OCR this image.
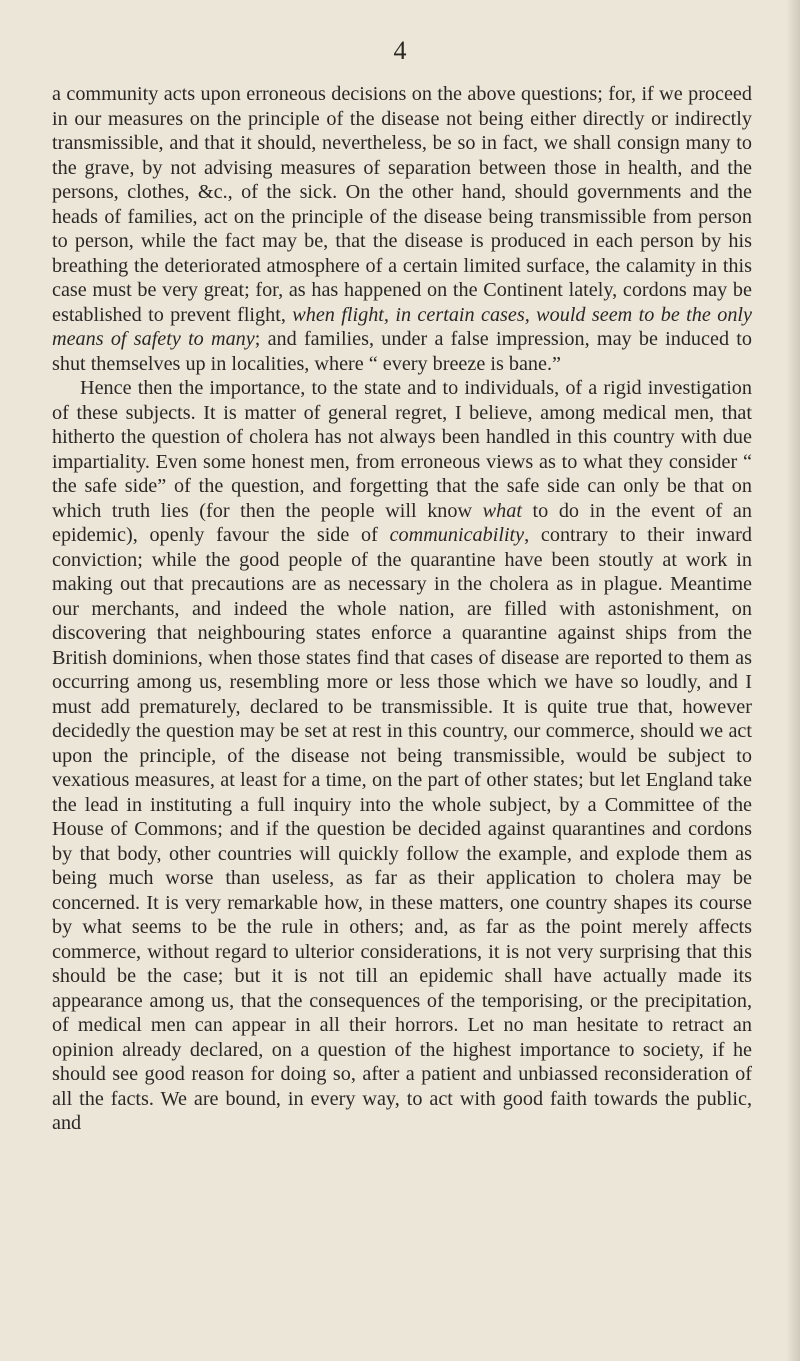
4

a community acts upon erroneous decisions on the above questions; for, if we proceed in our measures on the principle of the disease not being either directly or indirectly transmissible, and that it should, nevertheless, be so in fact, we shall consign many to the grave, by not advising measures of separation between those in health, and the persons, clothes, &c., of the sick. On the other hand, should governments and the heads of families, act on the principle of the disease being transmissible from person to person, while the fact may be, that the disease is produced in each person by his breathing the deteriorated atmosphere of a certain limited surface, the calamity in this case must be very great; for, as has happened on the Continent lately, cordons may be established to prevent flight, when flight, in certain cases, would seem to be the only means of safety to many; and families, under a false impression, may be induced to shut themselves up in localities, where “ every breeze is bane.”

Hence then the importance, to the state and to individuals, of a rigid investigation of these subjects. It is matter of general regret, I believe, among medical men, that hitherto the question of cholera has not always been handled in this country with due impartiality. Even some honest men, from erroneous views as to what they consider “ the safe side” of the question, and forgetting that the safe side can only be that on which truth lies (for then the people will know what to do in the event of an epidemic), openly favour the side of communicability, contrary to their inward conviction; while the good people of the quarantine have been stoutly at work in making out that precautions are as necessary in the cholera as in plague. Meantime our merchants, and indeed the whole nation, are filled with astonishment, on discovering that neighbouring states enforce a quarantine against ships from the British dominions, when those states find that cases of disease are reported to them as occurring among us, resembling more or less those which we have so loudly, and I must add prematurely, declared to be transmissible. It is quite true that, however decidedly the question may be set at rest in this country, our commerce, should we act upon the principle, of the disease not being transmissible, would be subject to vexatious measures, at least for a time, on the part of other states; but let England take the lead in instituting a full inquiry into the whole subject, by a Committee of the House of Commons; and if the question be decided against quarantines and cordons by that body, other countries will quickly follow the example, and explode them as being much worse than useless, as far as their application to cholera may be concerned. It is very remarkable how, in these matters, one country shapes its course by what seems to be the rule in others; and, as far as the point merely affects commerce, without regard to ulterior considerations, it is not very surprising that this should be the case; but it is not till an epidemic shall have actually made its appearance among us, that the consequences of the temporising, or the precipitation, of medical men can appear in all their horrors. Let no man hesitate to retract an opinion already declared, on a question of the highest importance to society, if he should see good reason for doing so, after a patient and unbiassed reconsideration of all the facts. We are bound, in every way, to act with good faith towards the public, and
